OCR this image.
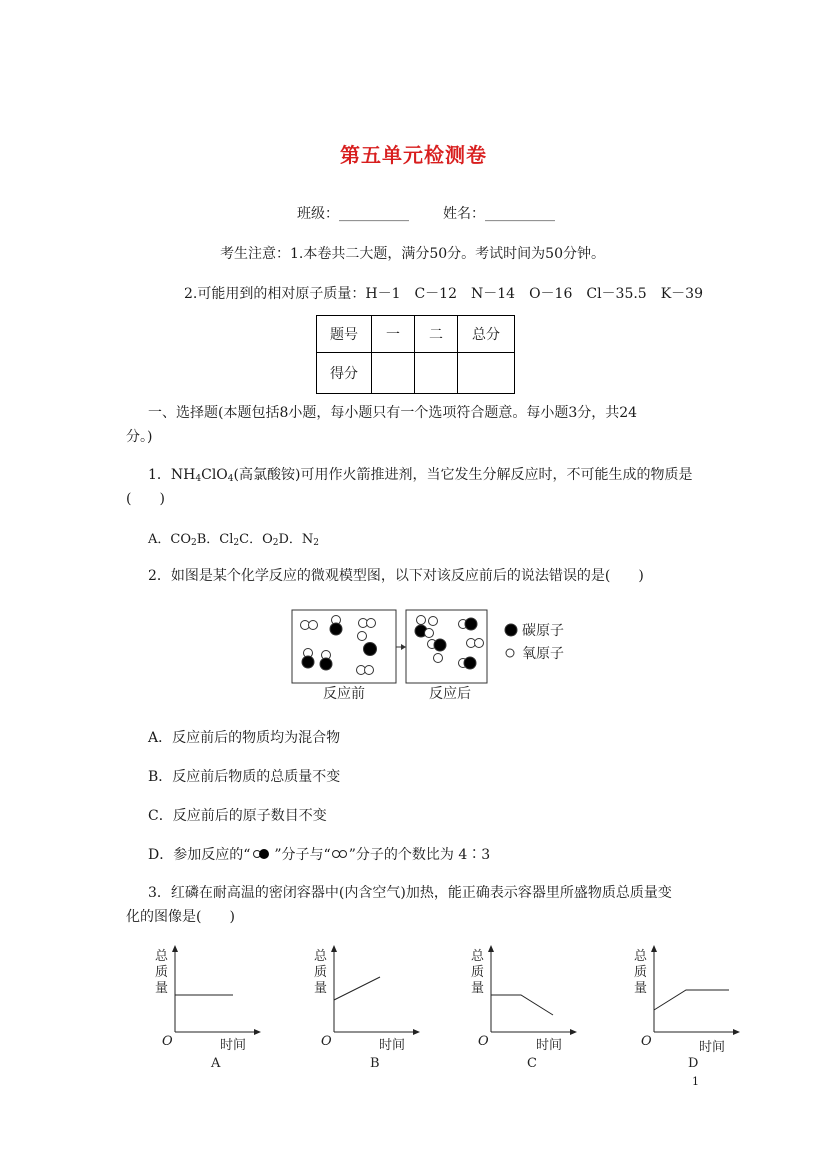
第五单元检测卷
班级：__________ 姓名：__________
考生注意：1.本卷共二大题，满分50分。考试时间为50分钟。
2.可能用到的相对原子质量：H－1　C－12　N－14　O－16　Cl－35.5　K－39
题号	一	二	总分
得分			
一、选择题(本题包括8小题，每小题只有一个选项符合题意。每小题3分，共24
分。)
1．$NH_4ClO_4$(高氯酸铵)可用作火箭推进剂，当它发生分解反应时，不可能生成的物质是
(　　)
A．$CO_2B$．$Cl_2C$．$O_2D$．$N_2$
2．如图是某个化学反应的微观模型图，以下对该反应前后的说法错误的是(　　)
碳原子
氧原子
反应前	反应后
A．反应前后的物质均为混合物
B．反应前后物质的总质量不变
C．反应前后的原子数目不变
D．参加反应的“ ”分子与“ ”分子的个数比为 4∶3
3．红磷在耐高温的密闭容器中(内含空气)加热，能正确表示容器里所盛物质总质量变
化的图像是(　　)
总
质
量
O	时间
A
总
质
量
O	时间
B
总
质
量
O	时间
C
总
质
量
O	时间
D
1
